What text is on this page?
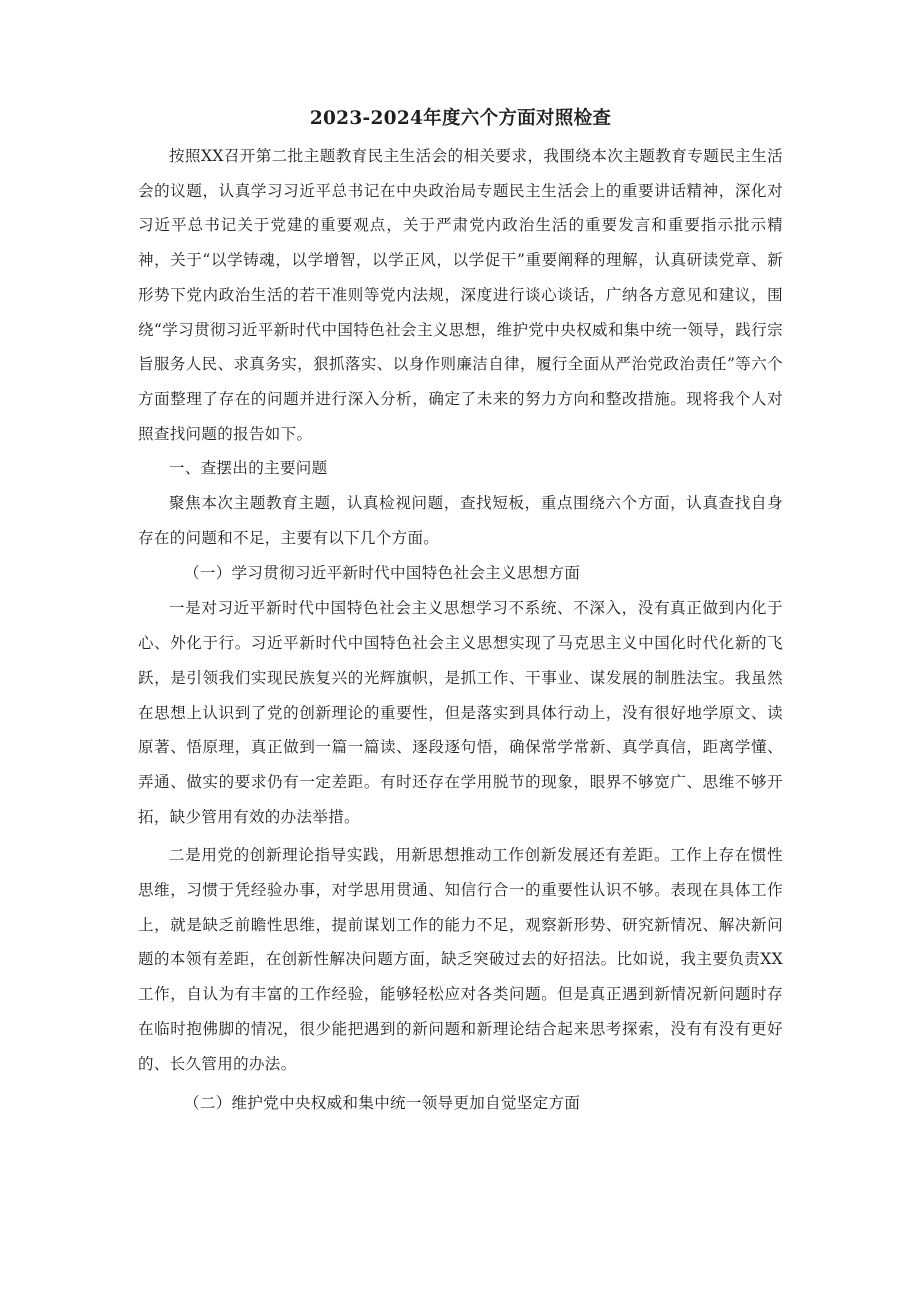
2023-2024年度六个方面对照检查

按照XX召开第二批主题教育民主生活会的相关要求，我围绕本次主题教育专题民主生活会的议题，认真学习习近平总书记在中央政治局专题民主生活会上的重要讲话精神，深化对习近平总书记关于党建的重要观点，关于严肃党内政治生活的重要发言和重要指示批示精神，关于“以学铸魂，以学增智，以学正风，以学促干”重要阐释的理解，认真研读党章、新形势下党内政治生活的若干准则等党内法规，深度进行谈心谈话，广纳各方意见和建议，围绕“学习贯彻习近平新时代中国特色社会主义思想，维护党中央权威和集中统一领导，践行宗旨服务人民、求真务实，狠抓落实、以身作则廉洁自律，履行全面从严治党政治责任”等六个方面整理了存在的问题并进行深入分析，确定了未来的努力方向和整改措施。现将我个人对照查找问题的报告如下。

一、查摆出的主要问题

聚焦本次主题教育主题，认真检视问题，查找短板，重点围绕六个方面，认真查找自身存在的问题和不足，主要有以下几个方面。

（一）学习贯彻习近平新时代中国特色社会主义思想方面

一是对习近平新时代中国特色社会主义思想学习不系统、不深入，没有真正做到内化于心、外化于行。习近平新时代中国特色社会主义思想实现了马克思主义中国化时代化新的飞跃，是引领我们实现民族复兴的光辉旗帜，是抓工作、干事业、谋发展的制胜法宝。我虽然在思想上认识到了党的创新理论的重要性，但是落实到具体行动上，没有很好地学原文、读原著、悟原理，真正做到一篇一篇读、逐段逐句悟，确保常学常新、真学真信，距离学懂、弄通、做实的要求仍有一定差距。有时还存在学用脱节的现象，眼界不够宽广、思维不够开拓，缺少管用有效的办法举措。

二是用党的创新理论指导实践，用新思想推动工作创新发展还有差距。工作上存在惯性思维，习惯于凭经验办事，对学思用贯通、知信行合一的重要性认识不够。表现在具体工作上，就是缺乏前瞻性思维，提前谋划工作的能力不足，观察新形势、研究新情况、解决新问题的本领有差距，在创新性解决问题方面，缺乏突破过去的好招法。比如说，我主要负责XX工作，自认为有丰富的工作经验，能够轻松应对各类问题。但是真正遇到新情况新问题时存在临时抱佛脚的情况，很少能把遇到的新问题和新理论结合起来思考探索，没有有没有更好的、长久管用的办法。

（二）维护党中央权威和集中统一领导更加自觉坚定方面
